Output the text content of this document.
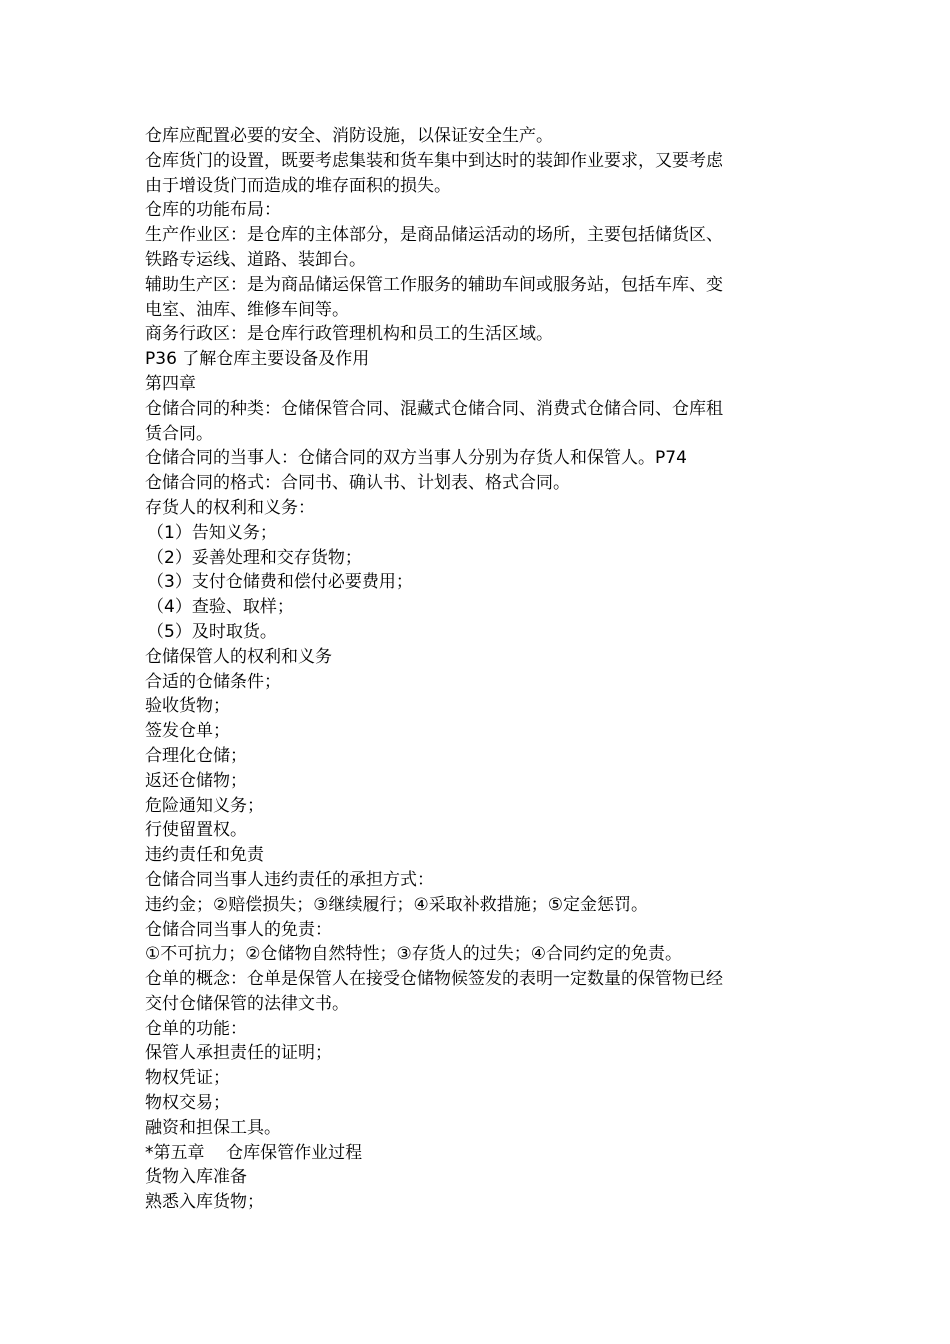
仓库应配置必要的安全、消防设施，以保证安全生产。

仓库货门的设置，既要考虑集装和货车集中到达时的装卸作业要求，又要考虑

由于增设货门而造成的堆存面积的损失。

仓库的功能布局：

生产作业区：是仓库的主体部分，是商品储运活动的场所，主要包括储货区、

铁路专运线、道路、装卸台。

辅助生产区：是为商品储运保管工作服务的辅助车间或服务站，包括车库、变

电室、油库、维修车间等。

商务行政区：是仓库行政管理机构和员工的生活区域。

P36 了解仓库主要设备及作用

第四章

仓储合同的种类：仓储保管合同、混藏式仓储合同、消费式仓储合同、仓库租

赁合同。

仓储合同的当事人：仓储合同的双方当事人分别为存货人和保管人。P74

仓储合同的格式：合同书、确认书、计划表、格式合同。

存货人的权利和义务：

（1）告知义务；

（2）妥善处理和交存货物；

（3）支付仓储费和偿付必要费用；

（4）查验、取样；

（5）及时取货。

仓储保管人的权利和义务

合适的仓储条件；

验收货物；

签发仓单；

合理化仓储；

返还仓储物；

危险通知义务；

行使留置权。

违约责任和免责

仓储合同当事人违约责任的承担方式：

违约金；②赔偿损失；③继续履行；④采取补救措施；⑤定金惩罚。

仓储合同当事人的免责：

①不可抗力；②仓储物自然特性；③存货人的过失；④合同约定的免责。

仓单的概念：仓单是保管人在接受仓储物候签发的表明一定数量的保管物已经

交付仓储保管的法律文书。

仓单的功能：

保管人承担责任的证明；

物权凭证；

物权交易；

融资和担保工具。

*第五章    仓库保管作业过程

货物入库准备

熟悉入库货物；
